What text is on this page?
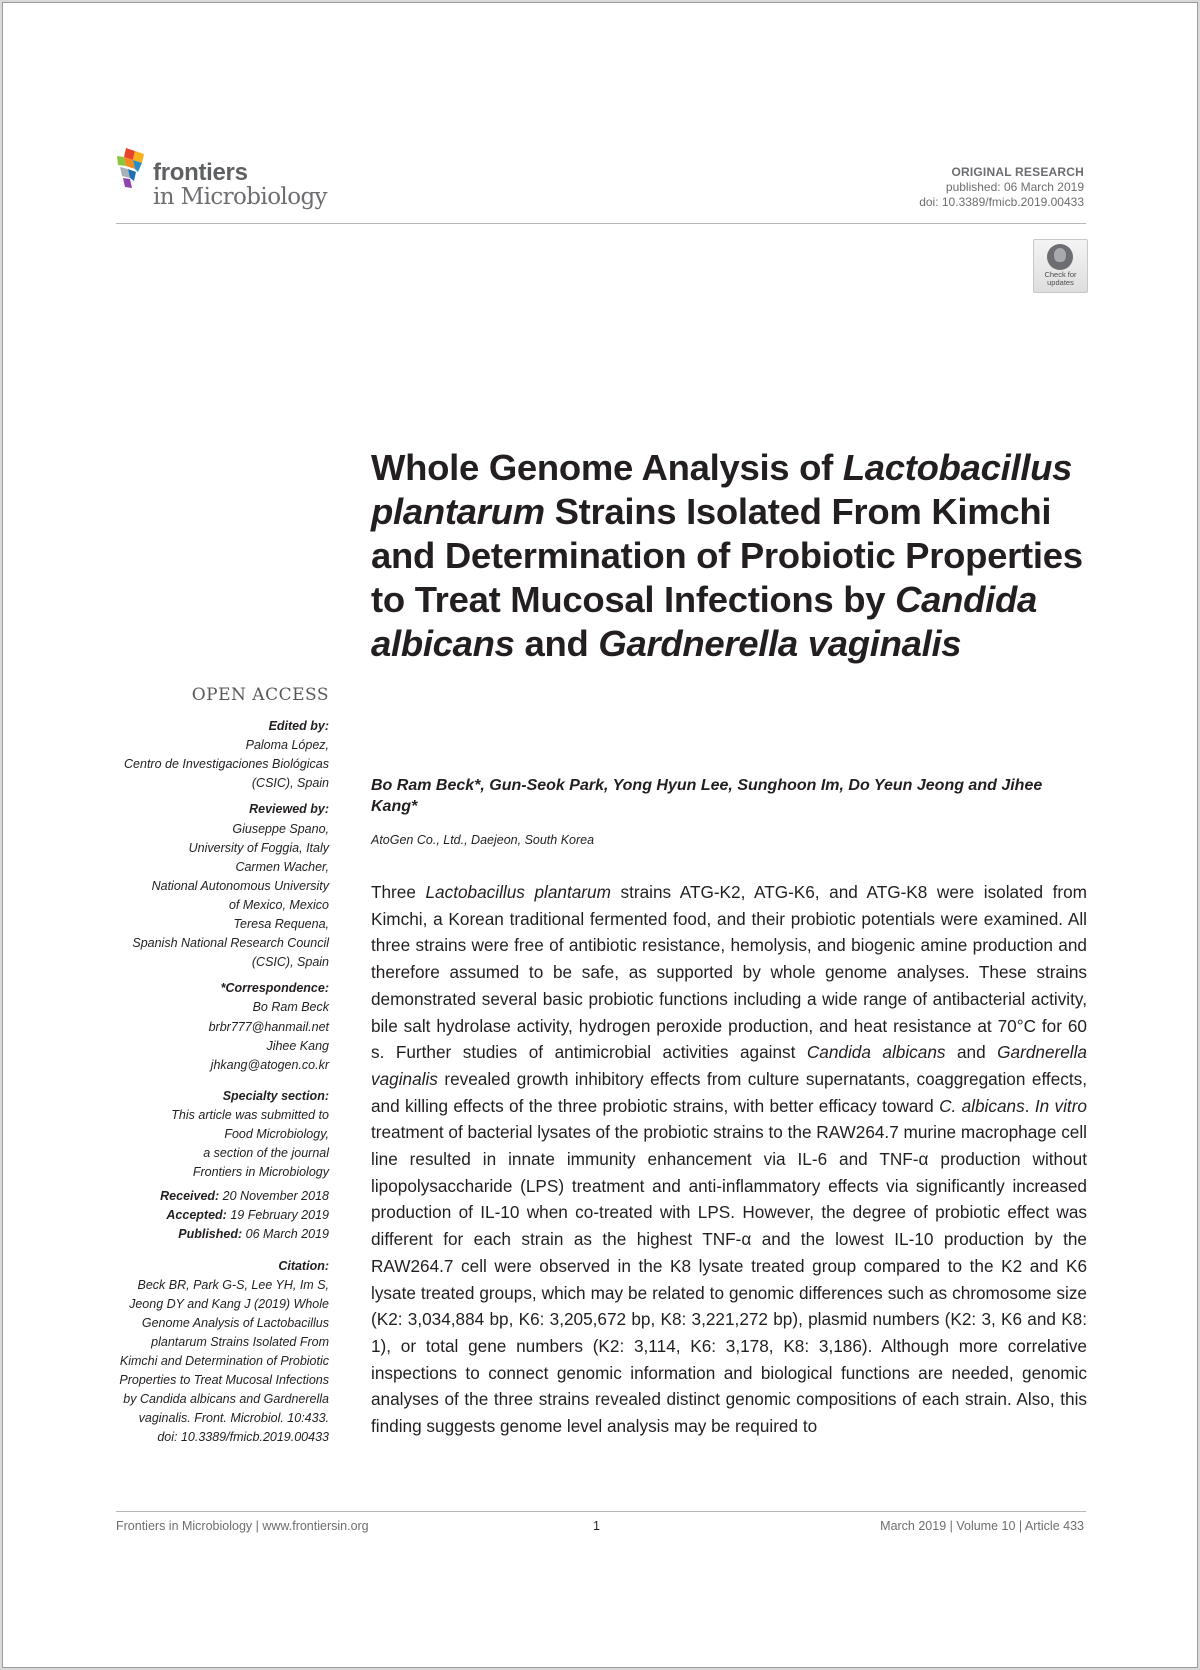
frontiers
in Microbiology
ORIGINAL RESEARCH
published: 06 March 2019
doi: 10.3389/fmicb.2019.00433
Check for
updates
Whole Genome Analysis of Lactobacillus plantarum Strains Isolated From Kimchi and Determination of Probiotic Properties to Treat Mucosal Infections by Candida albicans and Gardnerella vaginalis
Bo Ram Beck*, Gun-Seok Park, Yong Hyun Lee, Sunghoon Im, Do Yeun Jeong and Jihee Kang*
AtoGen Co., Ltd., Daejeon, South Korea
Three Lactobacillus plantarum strains ATG-K2, ATG-K6, and ATG-K8 were isolated from Kimchi, a Korean traditional fermented food, and their probiotic potentials were examined. All three strains were free of antibiotic resistance, hemolysis, and biogenic amine production and therefore assumed to be safe, as supported by whole genome analyses. These strains demonstrated several basic probiotic functions including a wide range of antibacterial activity, bile salt hydrolase activity, hydrogen peroxide production, and heat resistance at 70°C for 60 s. Further studies of antimicrobial activities against Candida albicans and Gardnerella vaginalis revealed growth inhibitory effects from culture supernatants, coaggregation effects, and killing effects of the three probiotic strains, with better efficacy toward C. albicans. In vitro treatment of bacterial lysates of the probiotic strains to the RAW264.7 murine macrophage cell line resulted in innate immunity enhancement via IL-6 and TNF-α production without lipopolysaccharide (LPS) treatment and anti-inflammatory effects via significantly increased production of IL-10 when co-treated with LPS. However, the degree of probiotic effect was different for each strain as the highest TNF-α and the lowest IL-10 production by the RAW264.7 cell were observed in the K8 lysate treated group compared to the K2 and K6 lysate treated groups, which may be related to genomic differences such as chromosome size (K2: 3,034,884 bp, K6: 3,205,672 bp, K8: 3,221,272 bp), plasmid numbers (K2: 3, K6 and K8: 1), or total gene numbers (K2: 3,114, K6: 3,178, K8: 3,186). Although more correlative inspections to connect genomic information and biological functions are needed, genomic analyses of the three strains revealed distinct genomic compositions of each strain. Also, this finding suggests genome level analysis may be required to
OPEN ACCESS
Edited by:
Paloma López,
Centro de Investigaciones Biológicas
(CSIC), Spain
Reviewed by:
Giuseppe Spano,
University of Foggia, Italy
Carmen Wacher,
National Autonomous University
of Mexico, Mexico
Teresa Requena,
Spanish National Research Council
(CSIC), Spain
*Correspondence:
Bo Ram Beck
brbr777@hanmail.net
Jihee Kang
jhkang@atogen.co.kr
Specialty section:
This article was submitted to
Food Microbiology,
a section of the journal
Frontiers in Microbiology
Received: 20 November 2018
Accepted: 19 February 2019
Published: 06 March 2019
Citation:
Beck BR, Park G-S, Lee YH, Im S,
Jeong DY and Kang J (2019) Whole
Genome Analysis of Lactobacillus
plantarum Strains Isolated From
Kimchi and Determination of Probiotic
Properties to Treat Mucosal Infections
by Candida albicans and Gardnerella
vaginalis. Front. Microbiol. 10:433.
doi: 10.3389/fmicb.2019.00433
Frontiers in Microbiology | www.frontiersin.org	1	March 2019 | Volume 10 | Article 433
